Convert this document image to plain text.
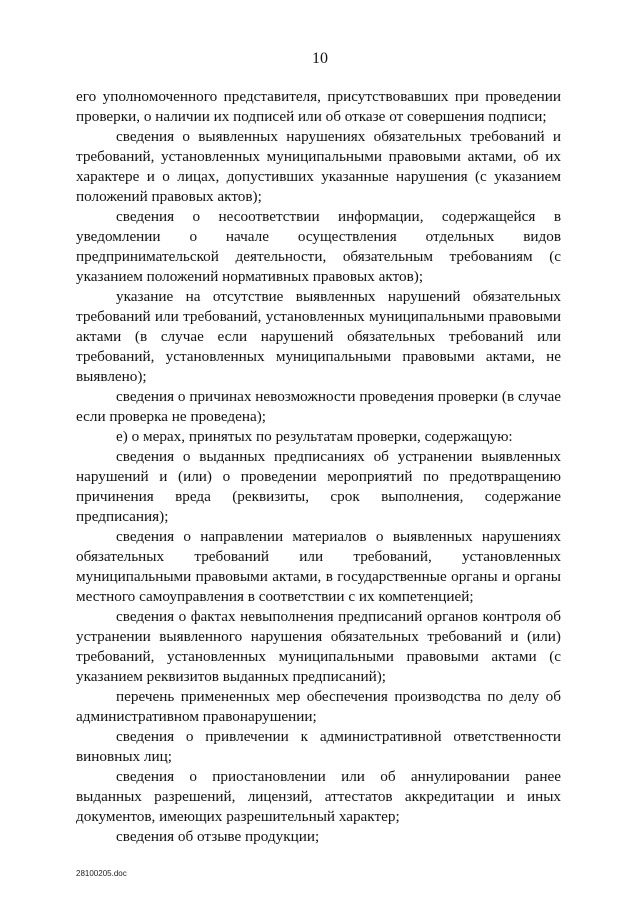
10

его уполномоченного представителя, присутствовавших при проведении проверки, о наличии их подписей или об отказе от совершения подписи;

сведения о выявленных нарушениях обязательных требований и требований, установленных муниципальными правовыми актами, об их характере и о лицах, допустивших указанные нарушения (с указанием положений правовых актов);

сведения о несоответствии информации, содержащейся в уведомлении о начале осуществления отдельных видов предпринимательской деятельности, обязательным требованиям (с указанием положений нормативных правовых актов);

указание на отсутствие выявленных нарушений обязательных требований или требований, установленных муниципальными правовыми актами (в случае если нарушений обязательных требований или требований, установленных муниципальными правовыми актами, не выявлено);

сведения о причинах невозможности проведения проверки (в случае если проверка не проведена);

е) о мерах, принятых по результатам проверки, содержащую:

сведения о выданных предписаниях об устранении выявленных нарушений и (или) о проведении мероприятий по предотвращению причинения вреда (реквизиты, срок выполнения, содержание предписания);

сведения о направлении материалов о выявленных нарушениях обязательных требований или требований, установленных муниципальными правовыми актами, в государственные органы и органы местного самоуправления в соответствии с их компетенцией;

сведения о фактах невыполнения предписаний органов контроля об устранении выявленного нарушения обязательных требований и (или) требований, установленных муниципальными правовыми актами (с указанием реквизитов выданных предписаний);

перечень примененных мер обеспечения производства по делу об административном правонарушении;

сведения о привлечении к административной ответственности виновных лиц;

сведения о приостановлении или об аннулировании ранее выданных разрешений, лицензий, аттестатов аккредитации и иных документов, имеющих разрешительный характер;

сведения об отзыве продукции;

28100205.doc
